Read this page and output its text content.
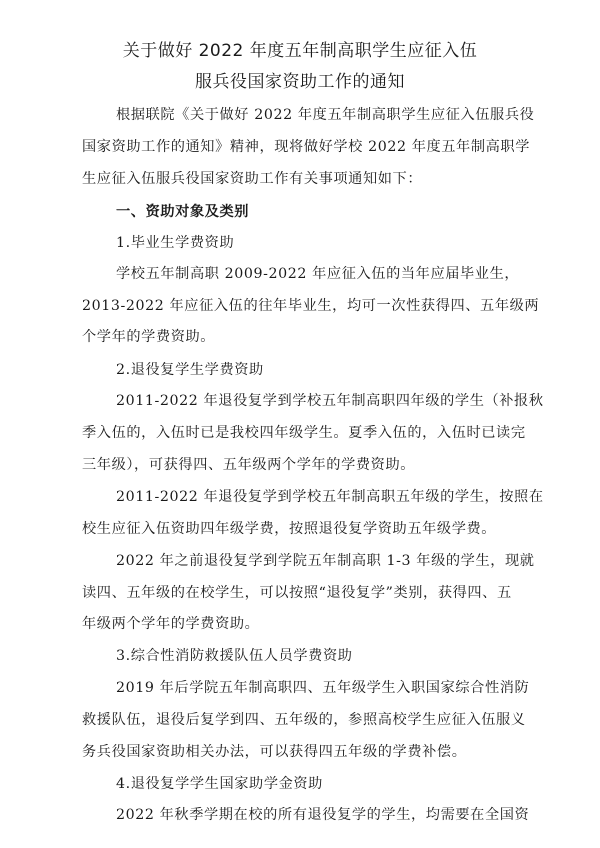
关于做好 2022 年度五年制高职学生应征入伍
服兵役国家资助工作的通知
根据联院《关于做好 2022 年度五年制高职学生应征入伍服兵役
国家资助工作的通知》精神，现将做好学校 2022 年度五年制高职学
生应征入伍服兵役国家资助工作有关事项通知如下：
一、资助对象及类别
1.毕业生学费资助
学校五年制高职 2009-2022 年应征入伍的当年应届毕业生，
2013-2022 年应征入伍的往年毕业生，均可一次性获得四、五年级两
个学年的学费资助。
2.退役复学生学费资助
2011-2022 年退役复学到学校五年制高职四年级的学生（补报秋
季入伍的，入伍时已是我校四年级学生。夏季入伍的，入伍时已读完
三年级），可获得四、五年级两个学年的学费资助。
2011-2022 年退役复学到学校五年制高职五年级的学生，按照在
校生应征入伍资助四年级学费，按照退役复学资助五年级学费。
2022 年之前退役复学到学院五年制高职 1-3 年级的学生，现就
读四、五年级的在校学生，可以按照“退役复学”类别，获得四、五
年级两个学年的学费资助。
3.综合性消防救援队伍人员学费资助
2019 年后学院五年制高职四、五年级学生入职国家综合性消防
救援队伍，退役后复学到四、五年级的，参照高校学生应征入伍服义
务兵役国家资助相关办法，可以获得四五年级的学费补偿。
4.退役复学学生国家助学金资助
2022 年秋季学期在校的所有退役复学的学生，均需要在全国资
